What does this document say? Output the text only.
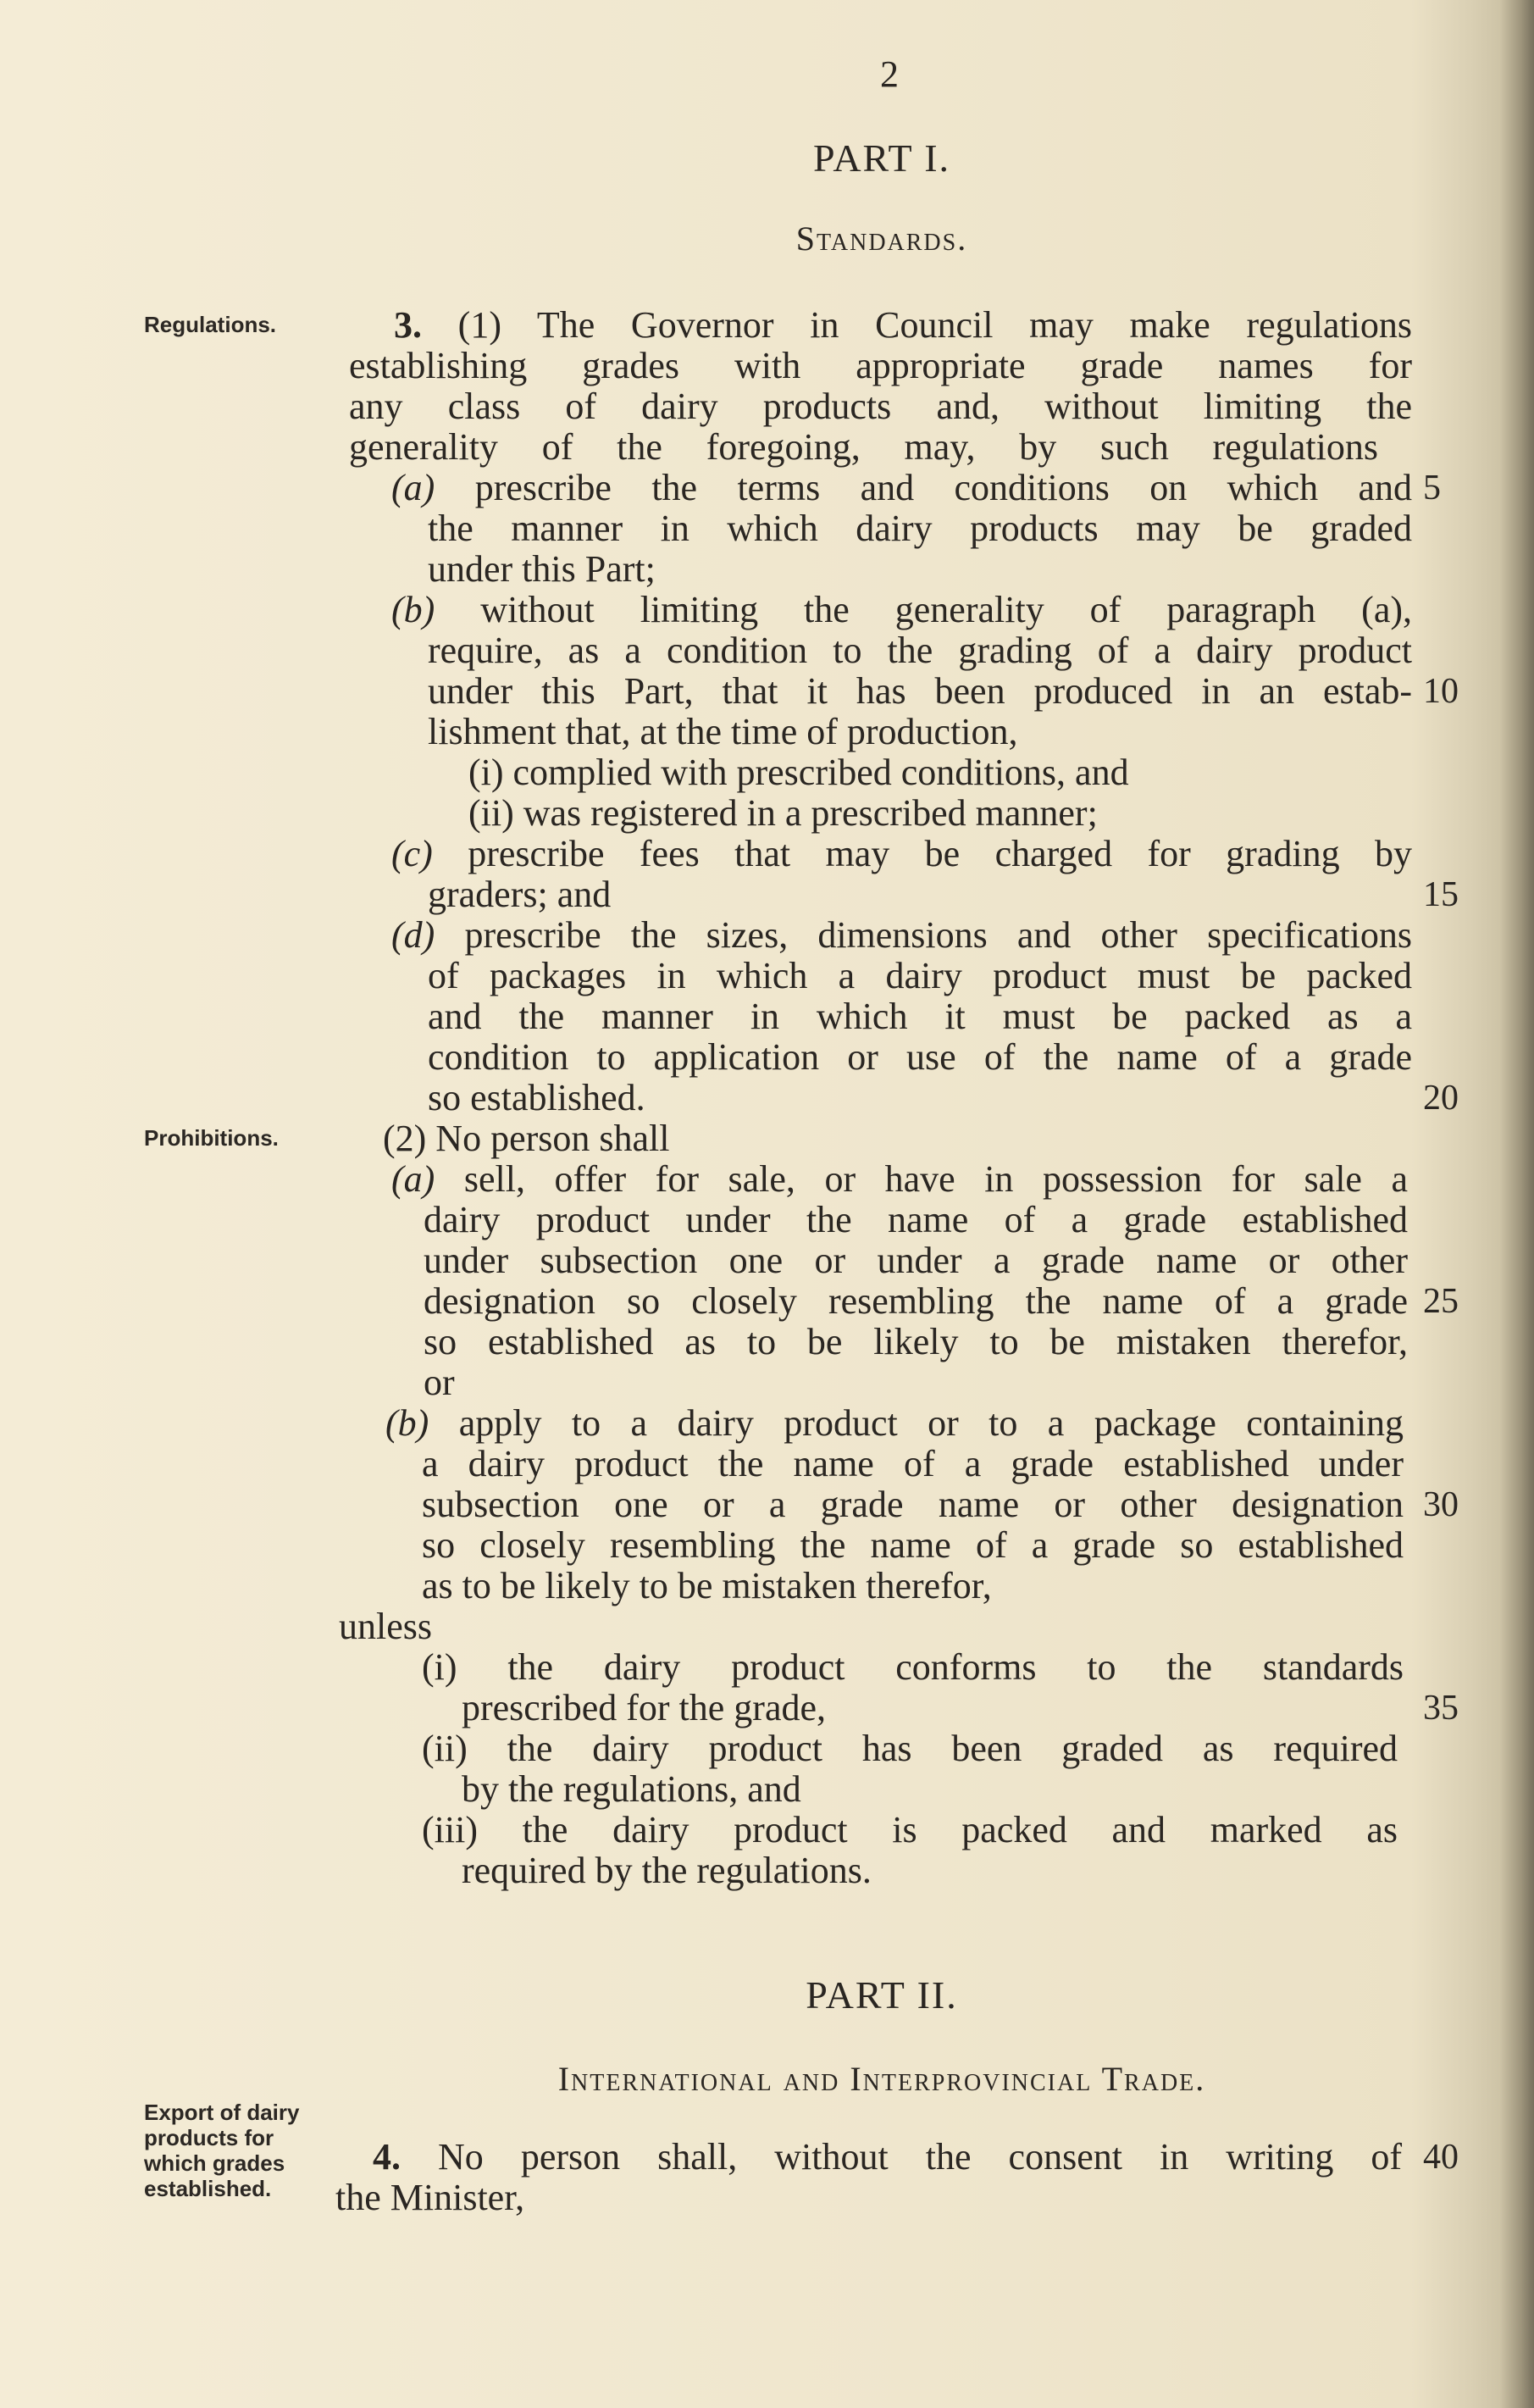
2
PART I.
Standards.
Regulations.
Prohibitions.
Export of dairy products for which grades established.
3. (1) The Governor in Council may make regulations
establishing grades with appropriate grade names for
any class of dairy products and, without limiting the
generality of the foregoing, may, by such regulations
(a) prescribe the terms and conditions on which and
the manner in which dairy products may be graded
under this Part;
(b) without limiting the generality of paragraph (a),
require, as a condition to the grading of a dairy product
under this Part, that it has been produced in an estab-
lishment that, at the time of production,
(i) complied with prescribed conditions, and
(ii) was registered in a prescribed manner;
(c) prescribe fees that may be charged for grading by
graders; and
(d) prescribe the sizes, dimensions and other specifications
of packages in which a dairy product must be packed
and the manner in which it must be packed as a
condition to application or use of the name of a grade
so established.
(2) No person shall
(a) sell, offer for sale, or have in possession for sale a
dairy product under the name of a grade established
under subsection one or under a grade name or other
designation so closely resembling the name of a grade
so established as to be likely to be mistaken therefor,
or
(b) apply to a dairy product or to a package containing
a dairy product the name of a grade established under
subsection one or a grade name or other designation
so closely resembling the name of a grade so established
as to be likely to be mistaken therefor,
unless
(i) the dairy product conforms to the standards
prescribed for the grade,
(ii) the dairy product has been graded as required
by the regulations, and
(iii) the dairy product is packed and marked as
required by the regulations.
PART II.
International and Interprovincial Trade.
4. No person shall, without the consent in writing of
the Minister,
5
10
15
20
25
30
35
40
